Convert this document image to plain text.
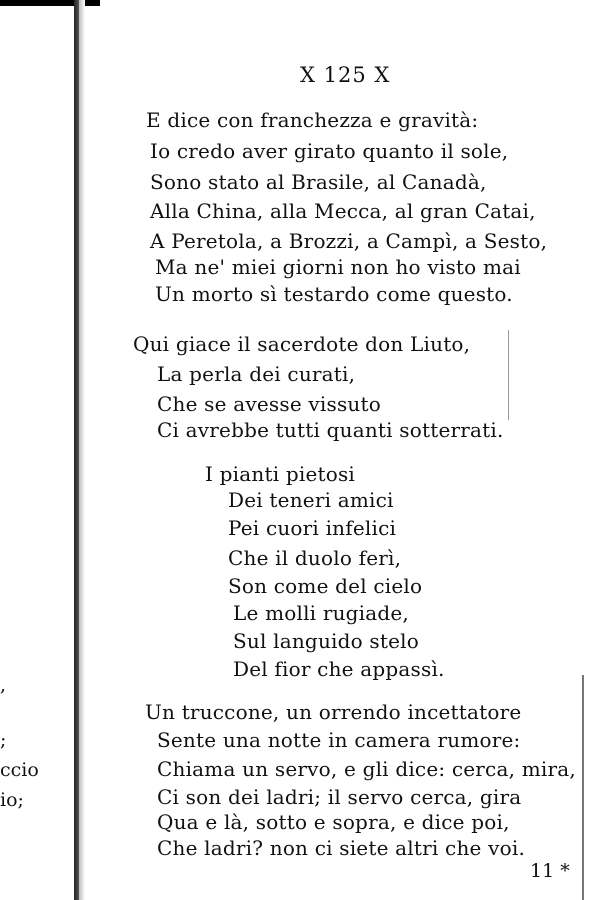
,
;
ccio
io;
X 125 X
E dice con franchezza e gravità:
Io credo aver girato quanto il sole,
Sono stato al Brasile, al Canadà,
Alla China, alla Mecca, al gran Catai,
A Peretola, a Brozzi, a Campì, a Sesto,
Ma ne' miei giorni non ho visto mai
Un morto sì testardo come questo.
Qui giace il sacerdote don Liuto,
La perla dei curati,
Che se avesse vissuto
Ci avrebbe tutti quanti sotterrati.
I pianti pietosi
Dei teneri amici
Pei cuori infelici
Che il duolo ferì,
Son come del cielo
Le molli rugiade,
Sul languido stelo
Del fior che appassì.
Un truccone, un orrendo incettatore
Sente una notte in camera rumore:
Chiama un servo, e gli dice: cerca, mira,
Ci son dei ladri; il servo cerca, gira
Qua e là, sotto e sopra, e dice poi,
Che ladri? non ci siete altri che voi.
11 *
